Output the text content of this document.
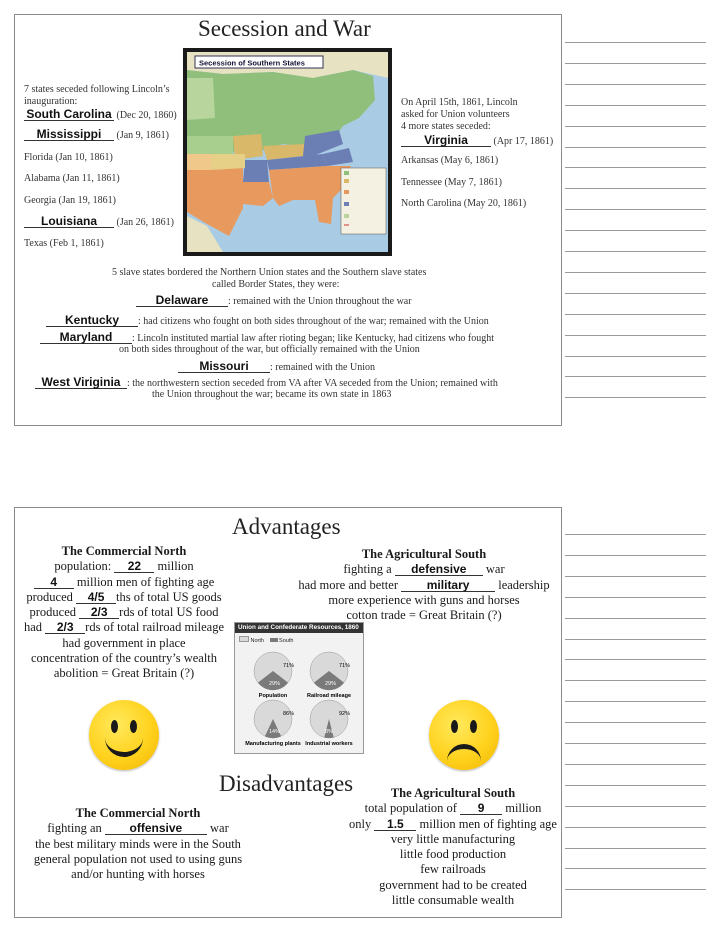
Secession and War
7 states seceded following Lincoln’s
inauguration:
South Carolina (Dec 20, 1860)
Mississippi (Jan 9, 1861)
Florida (Jan 10, 1861)
Alabama (Jan 11, 1861)
Georgia (Jan 19, 1861)
Louisiana (Jan 26, 1861)
Texas (Feb 1, 1861)
Secession of Southern States
On April 15th, 1861, Lincoln
asked for Union volunteers
4 more states seceded:
Virginia	(Apr 17, 1861)
Arkansas (May 6, 1861)
Tennessee (May 7, 1861)
North Carolina (May 20, 1861)
5 slave states bordered the Northern Union states and the Southern slave states
called Border States, they were:
Delaware : remained with the Union throughout the war
Kentucky : had citizens who fought on both sides throughout of the war; remained with the Union
Maryland : Lincoln instituted martial law after rioting began; like Kentucky, had citizens who fought
on both sides throughout of the war, but officially remained with the Union
Missouri : remained with the Union
West Viriginia : the northwestern section seceded from VA after VA seceded from the Union; remained with
the Union throughout the war; became its own state in 1863
Advantages
The Commercial North
population: 22 million
4 million men of fighting age
produced 4/5 ths of total US goods
produced 2/3 rds of total US food
had 2/3 rds of total railroad mileage
had government in place
concentration of the country’s wealth
abolition = Great Britain (?)
The Agricultural South
fighting a defensive war
had more and better military leadership
more experience with guns and horses
cotton trade = Great Britain (?)
Union and Confederate Resources, 1860
North	South
71%
29%
Population
71%
29%
Railroad mileage
86%
14%
Manufacturing plants
92%
8%
Industrial workers
Disadvantages
The Commercial North
fighting an offensive war
the best military minds were in the South
general population not used to using guns
and/or hunting with horses
The Agricultural South
total population of 9 million
only 1.5 million men of fighting age
very little manufacturing
little food production
few railroads
government had to be created
little consumable wealth
